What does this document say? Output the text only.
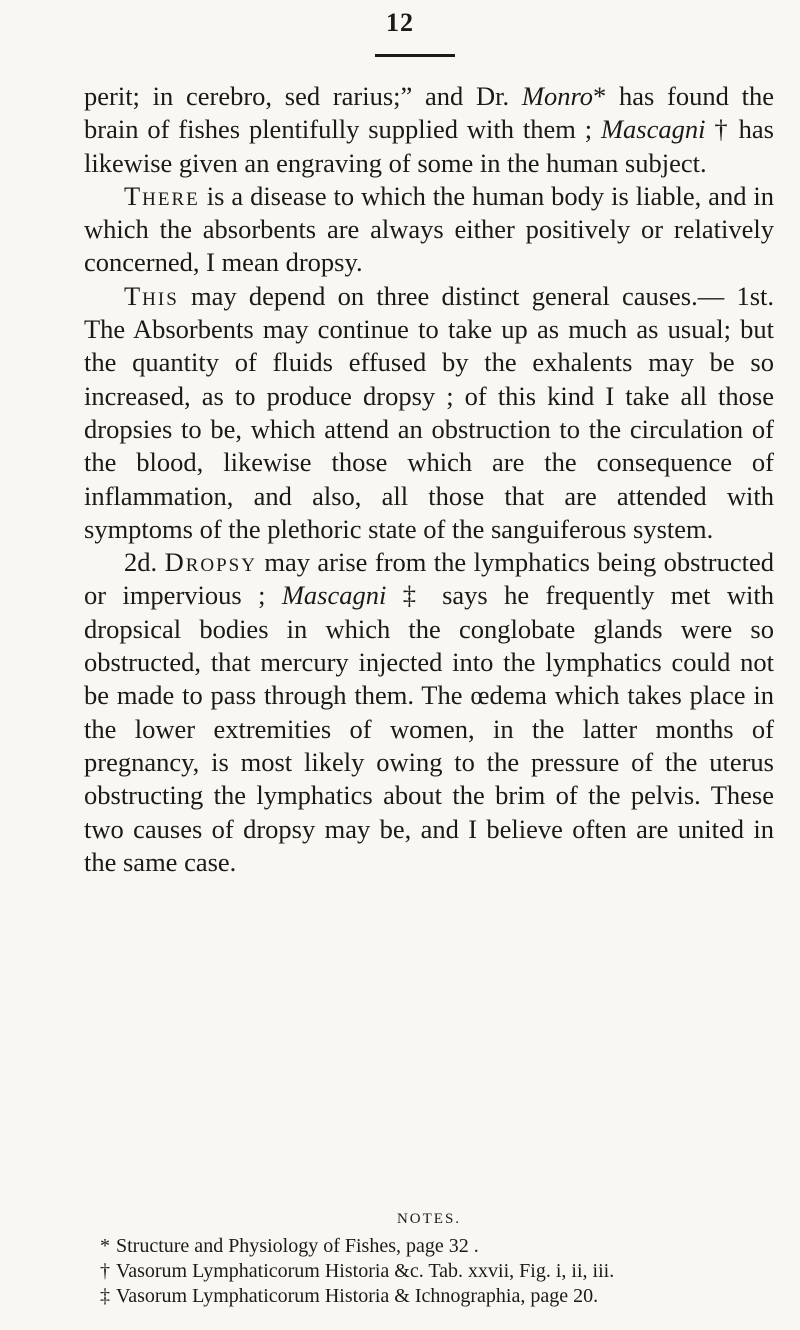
12

perit; in cerebro, sed rarius;” and Dr. Monro* has found the brain of fishes plentifully supplied with them ; Mascagni † has likewise given an engraving of some in the human subject.

There is a disease to which the human body is liable, and in which the absorbents are always either positively or relatively concerned, I mean dropsy.

This may depend on three distinct general causes.— 1st. The Absorbents may continue to take up as much as usual; but the quantity of fluids effused by the exhalents may be so increased, as to produce dropsy ; of this kind I take all those dropsies to be, which attend an obstruction to the circulation of the blood, likewise those which are the consequence of inflammation, and also, all those that are attended with symptoms of the plethoric state of the sanguiferous system.

2d. Dropsy may arise from the lymphatics being obstructed or impervious ; Mascagni ‡ says he frequently met with dropsical bodies in which the conglobate glands were so obstructed, that mercury injected into the lymphatics could not be made to pass through them. The œdema which takes place in the lower extremities of women, in the latter months of pregnancy, is most likely owing to the pressure of the uterus obstructing the lymphatics about the brim of the pelvis. These two causes of dropsy may be, and I believe often are united in the same case.

NOTES.
* Structure and Physiology of Fishes, page 32 .
† Vasorum Lymphaticorum Historia &c. Tab. xxvii, Fig. i, ii, iii.
‡ Vasorum Lymphaticorum Historia & Ichnographia, page 20.
